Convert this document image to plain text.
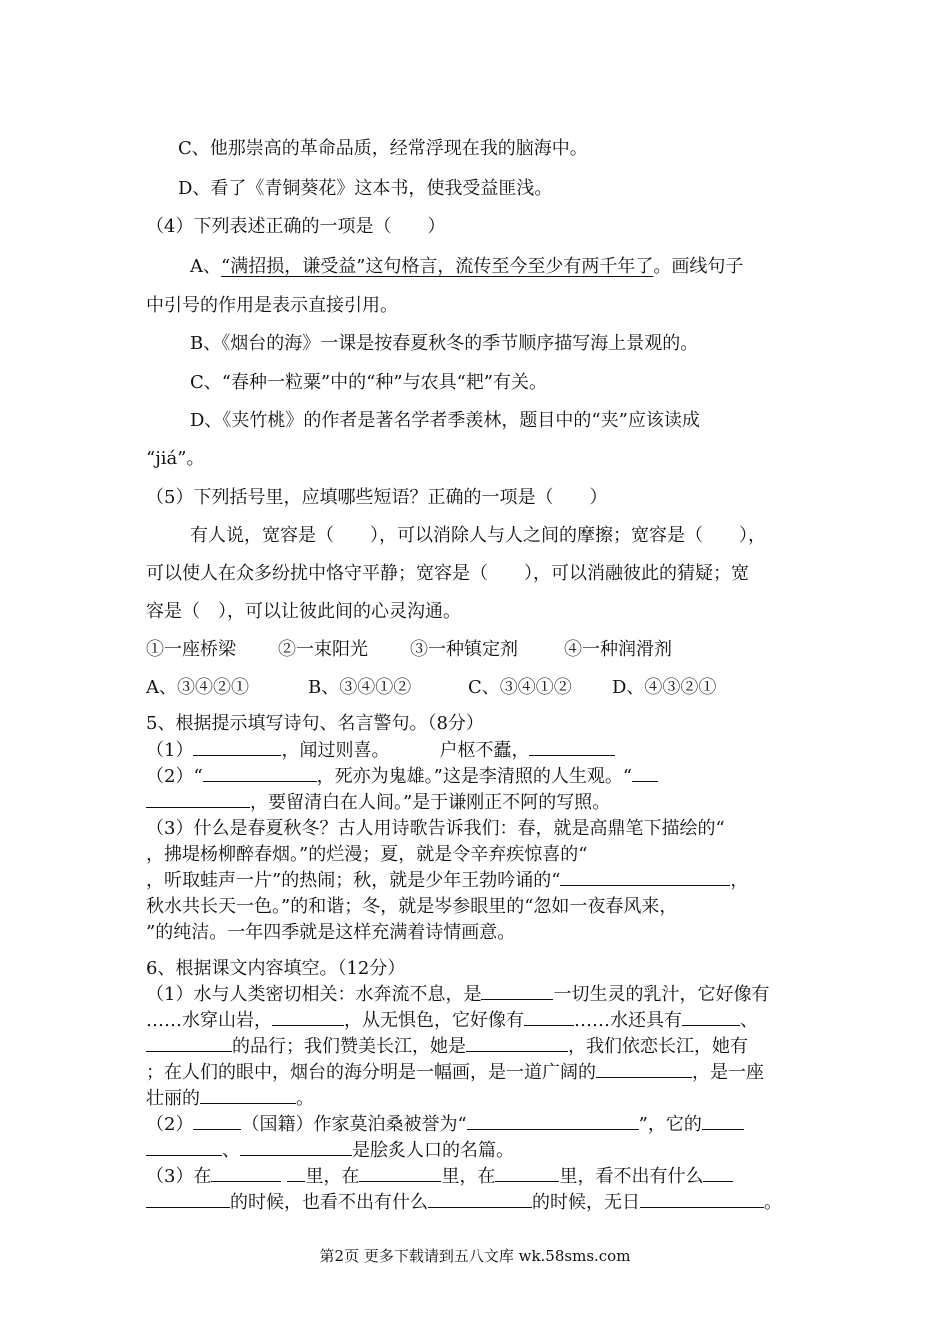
C、他那崇高的革命品质，经常浮现在我的脑海中。
D、看了《青铜葵花》这本书，使我受益匪浅。
（4）下列表述正确的一项是（　　）
A、“满招损，谦受益”这句格言，流传至今至少有两千年了。画线句子
中引号的作用是表示直接引用。
B、《烟台的海》一课是按春夏秋冬的季节顺序描写海上景观的。
C、“春种一粒粟”中的“种”与农具“耙”有关。
D、《夹竹桃》的作者是著名学者季羡林，题目中的“夹”应该读成
“jiá”。
（5）下列括号里，应填哪些短语？正确的一项是（　　）
有人说，宽容是（　　），可以消除人与人之间的摩擦；宽容是（　　），
可以使人在众多纷扰中恪守平静；宽容是（　　），可以消融彼此的猜疑；宽
容是（　），可以让彼此间的心灵沟通。
①一座桥梁 ②一束阳光 ③一种镇定剂	④一种润滑剂
A、③④②①	B、③④①②	C、③④①② D、④③②①
5、根据提示填写诗句、名言警句。（8分）
（1）	，闻过则喜。	户枢不蠹，
（2）“	，死亦为鬼雄。”这是李清照的人生观。“
，要留清白在人间。”是于谦刚正不阿的写照。
（3）什么是春夏秋冬？古人用诗歌告诉我们：春，就是高鼎笔下描绘的“
，拂堤杨柳醉春烟。”的烂漫；夏，就是令辛弃疾惊喜的“
，听取蛙声一片”的热闹；秋，就是少年王勃吟诵的“	，
秋水共长天一色。”的和谐；冬，就是岑参眼里的“忽如一夜春风来，
”的纯洁。一年四季就是这样充满着诗情画意。
6、根据课文内容填空。（12分）
（1）水与人类密切相关：水奔流不息，是	一切生灵的乳汁，它好像有
……水穿山岩，	，从无惧色，它好像有	……水还具有	、
的品行；我们赞美长江，她是	，我们依恋长江，她有
；在人们的眼中，烟台的海分明是一幅画，是一道广阔的	，是一座
壮丽的	。
（2）	（国籍）作家莫泊桑被誉为“	”，它的
、	是脍炙人口的名篇。
（3）在	里，在	里，在	里，看不出有什么
的时候，也看不出有什么	的时候，无日	。
第2页 更多下载请到五八文库 wk.58sms.com
